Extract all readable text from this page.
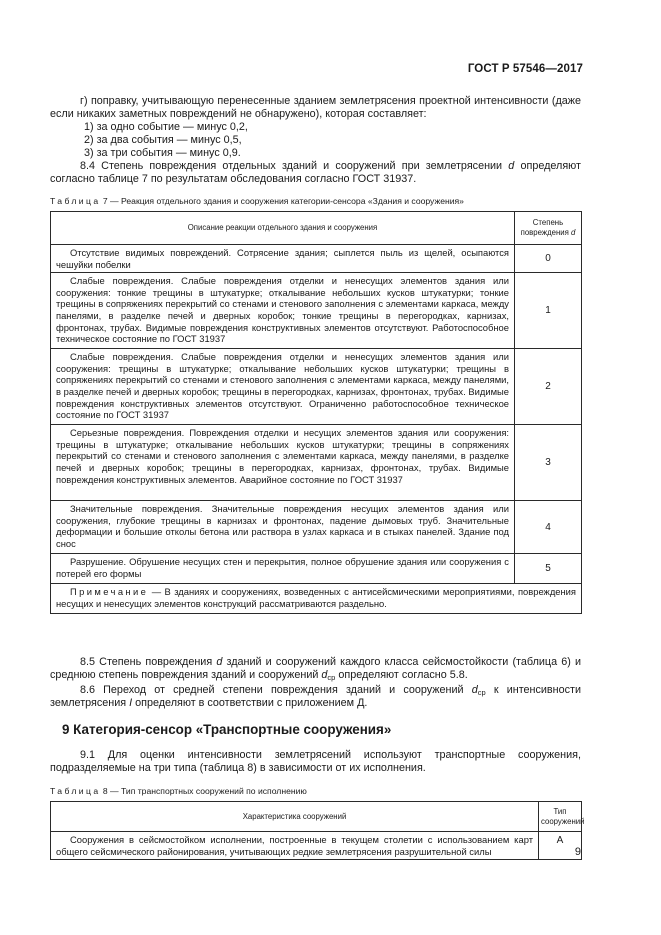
ГОСТ Р 57546—2017
г) поправку, учитывающую перенесенные зданием землетрясения проектной интенсивности (даже если никаких заметных повреждений не обнаружено), которая составляет:
1) за одно событие — минус 0,2,
2) за два события — минус 0,5,
3) за три события — минус 0,9.
8.4 Степень повреждения отдельных зданий и сооружений при землетрясении d определяют согласно таблице 7 по результатам обследования согласно ГОСТ 31937.
Таблица 7 — Реакция отдельного здания и сооружения категории-сенсора «Здания и сооружения»
Описание реакции отдельного здания и сооружения	Степень повреждения d
Отсутствие видимых повреждений. Сотрясение здания; сыплется пыль из щелей, осыпаются чешуйки побелки	0
Слабые повреждения. Слабые повреждения отделки и ненесущих элементов здания или сооружения: тонкие трещины в штукатурке; откалывание небольших кусков штукатурки; тонкие трещины в сопряжениях перекрытий со стенами и стенового заполнения с элементами каркаса, между панелями, в разделке печей и дверных коробок; тонкие трещины в перегородках, карнизах, фронтонах, трубах. Видимые повреждения конструктивных элементов отсутствуют. Работоспособное техническое состояние по ГОСТ 31937	1
Слабые повреждения. Слабые повреждения отделки и ненесущих элементов здания или сооружения: трещины в штукатурке; откалывание небольших кусков штукатурки; трещины в сопряжениях перекрытий со стенами и стенового заполнения с элементами каркаса, между панелями, в разделке печей и дверных коробок; трещины в перегородках, карнизах, фронтонах, трубах. Видимые повреждения конструктивных элементов отсутствуют. Ограниченно работоспособное техническое состояние по ГОСТ 31937	2
Серьезные повреждения. Повреждения отделки и несущих элементов здания или сооружения: трещины в штукатурке; откалывание небольших кусков штукатурки; трещины в сопряжениях перекрытий со стенами и стенового заполнения с элементами каркаса, между панелями, в разделке печей и дверных коробок; трещины в перегородках, карнизах, фронтонах, трубах. Видимые повреждения конструктивных элементов. Аварийное состояние по ГОСТ 31937	3
Значительные повреждения. Значительные повреждения несущих элементов здания или сооружения, глубокие трещины в карнизах и фронтонах, падение дымовых труб. Значительные деформации и большие отколы бетона или раствора в узлах каркаса и в стыках панелей. Здание под снос	4
Разрушение. Обрушение несущих стен и перекрытия, полное обрушение здания или сооружения с потерей его формы	5
Примечание — В зданиях и сооружениях, возведенных с антисейсмическими мероприятиями, повреждения несущих и ненесущих элементов конструкций рассматриваются раздельно.	
8.5 Степень повреждения d зданий и сооружений каждого класса сейсмостойкости (таблица 6) и среднюю степень повреждения зданий и сооружений $d_{ср}$ определяют согласно 5.8.
8.6 Переход от средней степени повреждения зданий и сооружений $d_{ср}$ к интенсивности землетрясения I определяют в соответствии с приложением Д.
9 Категория-сенсор «Транспортные сооружения»
9.1 Для оценки интенсивности землетрясений используют транспортные сооружения, подразделяемые на три типа (таблица 8) в зависимости от их исполнения.
Таблица 8 — Тип транспортных сооружений по исполнению
Характеристика сооружений	Тип сооружений
Сооружения в сейсмостойком исполнении, построенные в текущем столетии с использованием карт общего сейсмического районирования, учитывающих редкие землетрясения разрушительной силы	А
9
